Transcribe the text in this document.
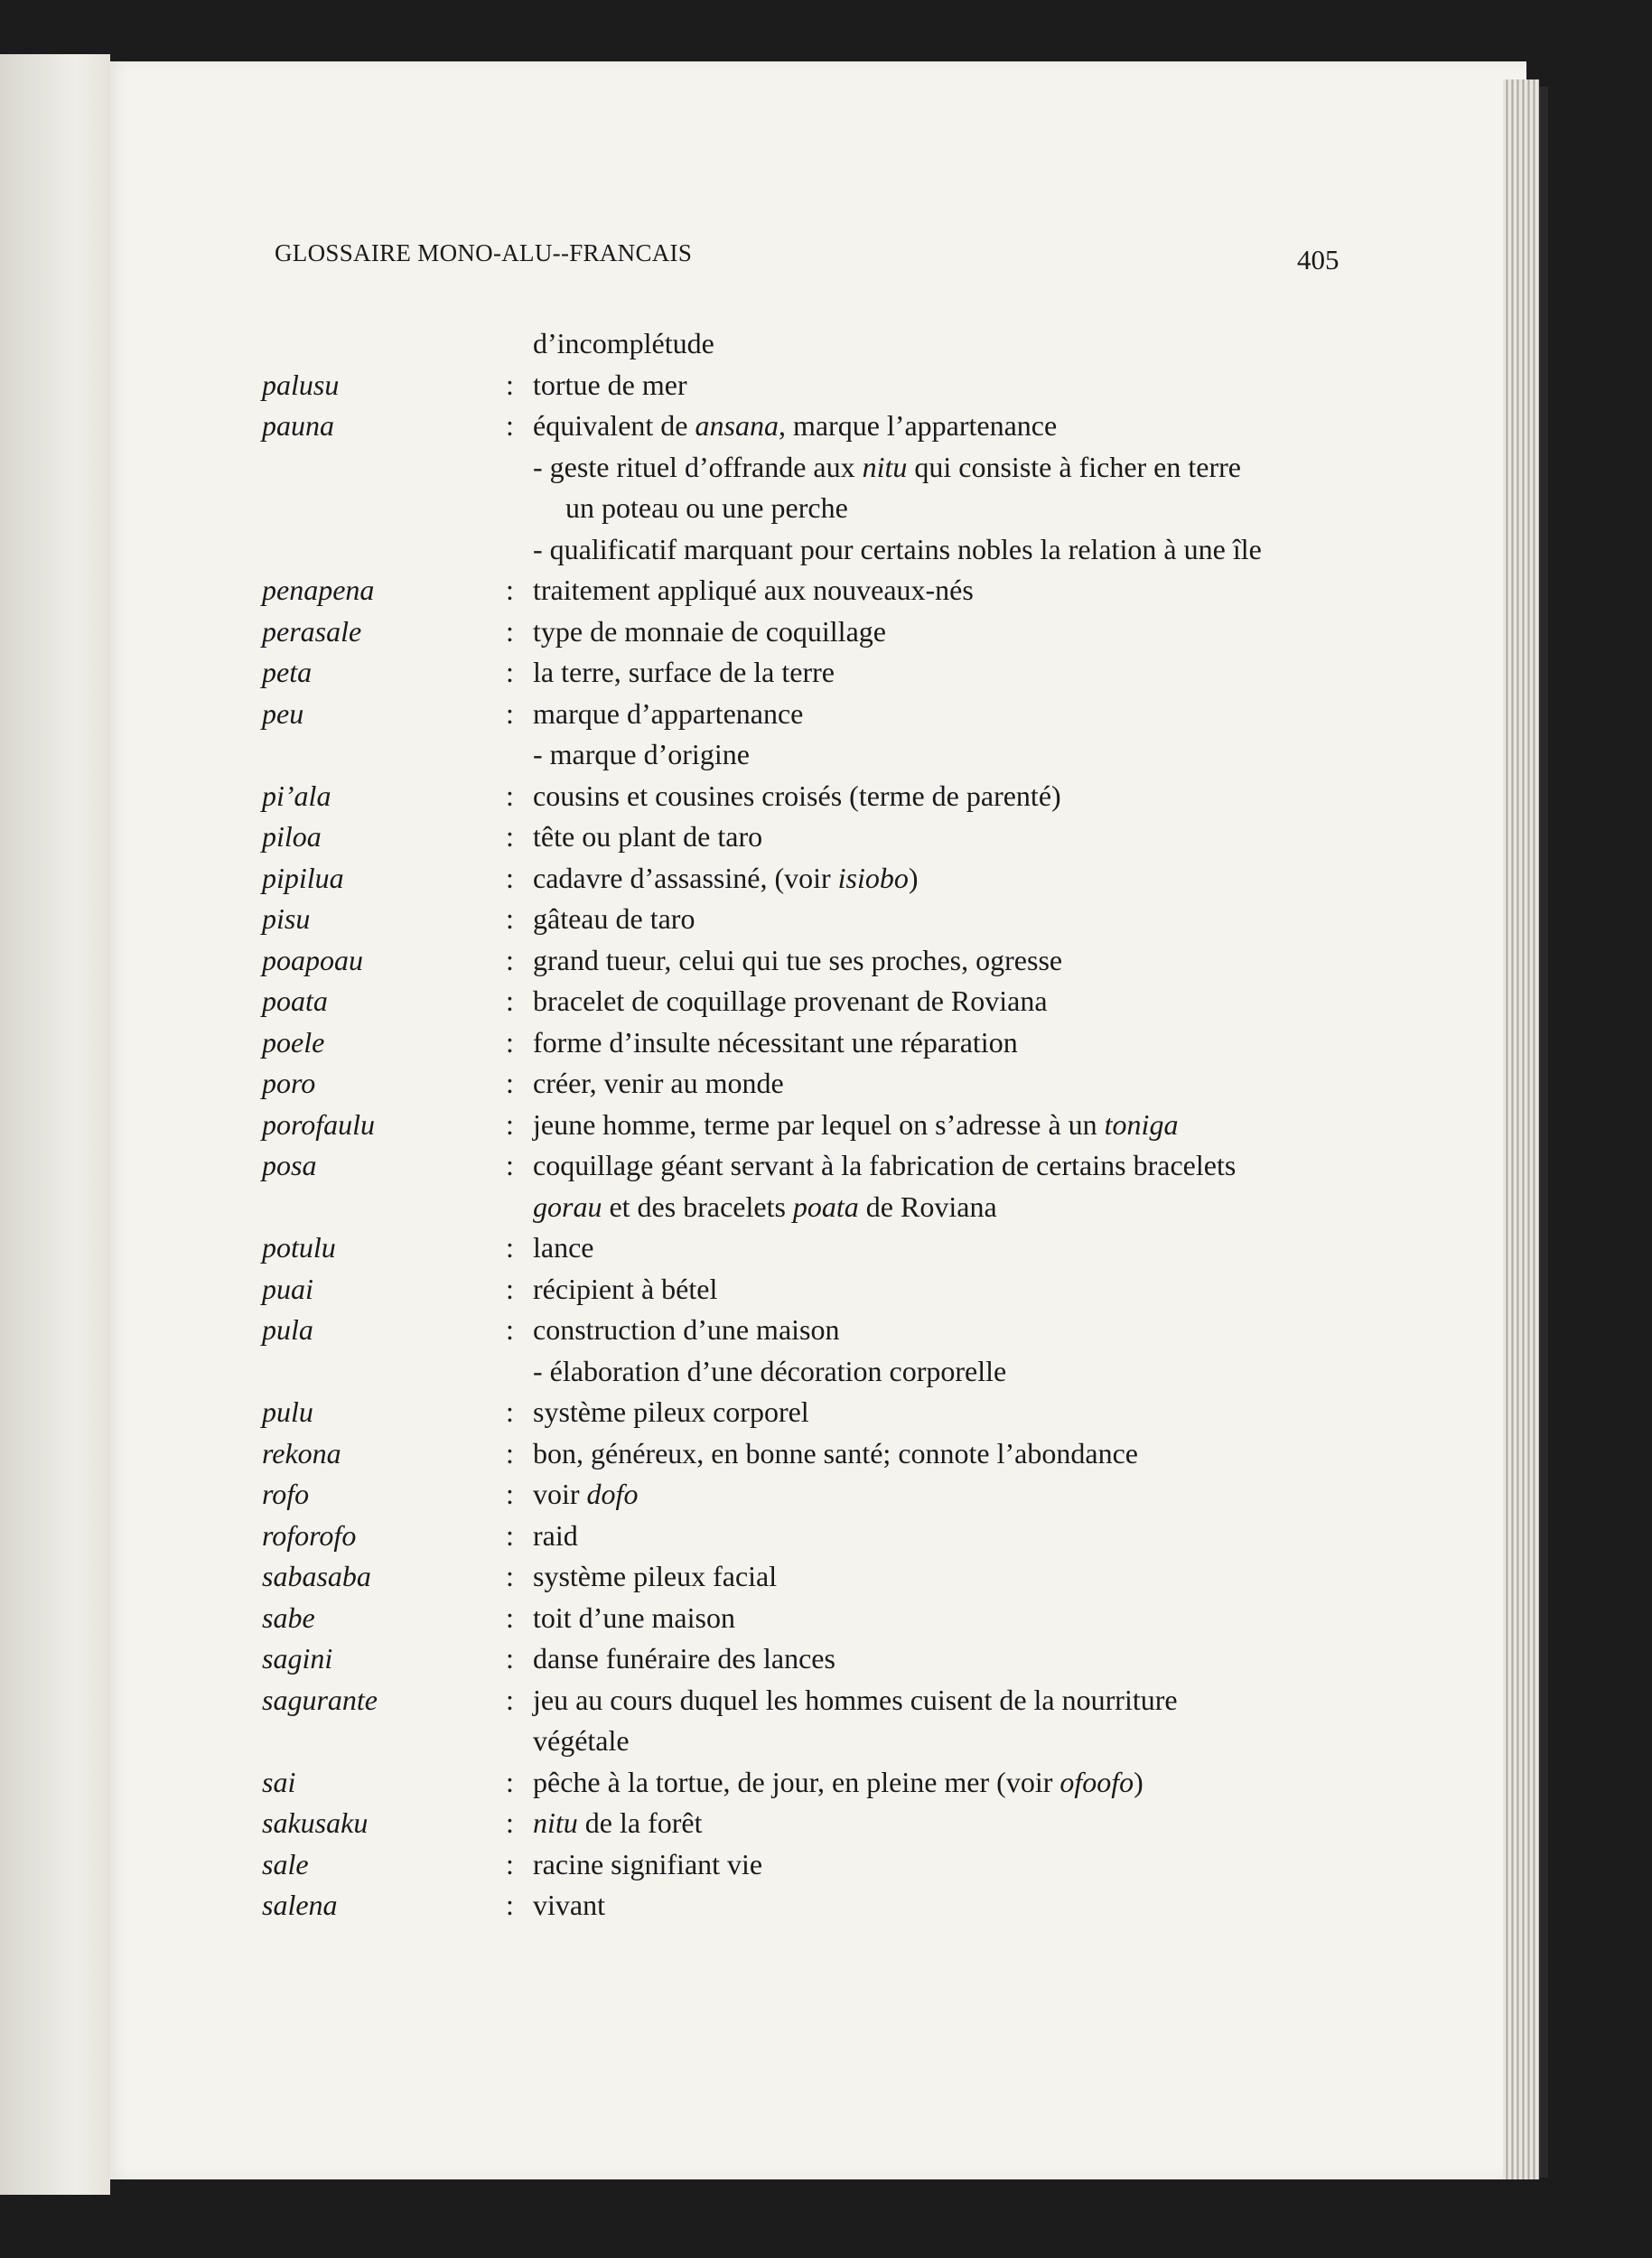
GLOSSAIRE MONO-ALU--FRANCAIS	405
d’incomplétude
palusu	: tortue de mer
pauna	: équivalent de ansana, marque l’appartenance
- geste rituel d’offrande aux nitu qui consiste à ficher en terre
un poteau ou une perche
- qualificatif marquant pour certains nobles la relation à une île
penapena	: traitement appliqué aux nouveaux-nés
perasale	: type de monnaie de coquillage
peta	: la terre, surface de la terre
peu	: marque d’appartenance
- marque d’origine
pi’ala	: cousins et cousines croisés (terme de parenté)
piloa	: tête ou plant de taro
pipilua	: cadavre d’assassiné, (voir isiobo)
pisu	: gâteau de taro
poapoau	: grand tueur, celui qui tue ses proches, ogresse
poata	: bracelet de coquillage provenant de Roviana
poele	: forme d’insulte nécessitant une réparation
poro	: créer, venir au monde
porofaulu	: jeune homme, terme par lequel on s’adresse à un toniga
posa	: coquillage géant servant à la fabrication de certains bracelets
gorau et des bracelets poata de Roviana
potulu	: lance
puai	: récipient à bétel
pula	: construction d’une maison
- élaboration d’une décoration corporelle
pulu	: système pileux corporel
rekona	: bon, généreux, en bonne santé; connote l’abondance
rofo	: voir dofo
roforofo	: raid
sabasaba	: système pileux facial
sabe	: toit d’une maison
sagini	: danse funéraire des lances
sagurante	: jeu au cours duquel les hommes cuisent de la nourriture
végétale
sai	: pêche à la tortue, de jour, en pleine mer (voir ofoofo)
sakusaku	: nitu de la forêt
sale	: racine signifiant vie
salena	: vivant
